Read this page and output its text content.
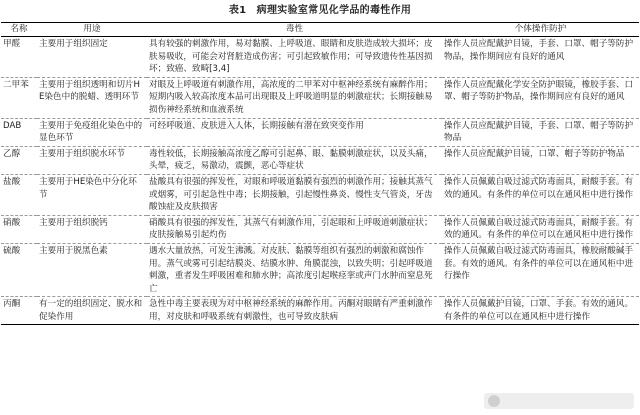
表1　病理实验室常见化学品的毒性作用
名称	用途	毒性	个体操作防护
甲醛	主要用于组织固定	具有较强的刺激作用，易对黏膜、上呼吸道、眼睛和皮肤造成较大损坏；皮肤易吸收，可能会对肾脏造成伤害；可引起致敏作用；可导致遗传性基因损坏；致癌、致畸[3,4]	操作人员应配戴护目镜，手套、口罩、帽子等防护物品，操作期间应有良好的通风
二甲苯	主要用于组织透明和切片HE染色中的脱蜡、透明环节	对眼及上呼吸道有刺激作用，高浓度的二甲苯对中枢神经系统有麻醉作用；短期内吸入较高浓度本品可出现眼及上呼吸道明显的刺激症状；长期接触易损伤神经系统和血液系统	操作人员应配戴化学安全防护眼镜，橡胶手套、口罩、帽子等防护物品，操作期间应有良好的通风
DAB	主要用于免疫组化染色中的显色环节	可经呼吸道、皮肤进入人体，长期接触有潜在致突变作用	操作人员应配戴护目镜，手套、口罩、帽子等防护物品
乙醇	主要用于组织脱水环节	毒性较低，长期接触高浓度乙醇可引起鼻、眼、黏膜刺激症状，以及头痛，头晕，疲乏，易激动，震颤，恶心等症状	操作人员应配戴护目镜，口罩、帽子等防护物品
盐酸	主要用于HE染色中分化环节	盐酸具有很强的挥发性，对眼和呼吸道黏膜有强烈的刺激作用；接触其蒸气或烟雾，可引起急性中毒；长期接触，引起慢性鼻炎、慢性支气管炎，牙齿酸蚀症及皮肤损害	操作人员佩戴自吸过滤式防毒面具，耐酸手套。有效的通风。有条件的单位可以在通风柜中进行操作
硝酸	主要用于组织脱钙	硝酸具有很强的挥发性，其蒸气有刺激作用，引起眼和上呼吸道刺激症状；皮肤接触易引起灼伤	操作人员佩戴自吸过滤式防毒面具，耐酸手套。有效的通风。有条件的单位可以在通风柜中进行操作
硫酸	主要用于脱黑色素	遇水大量放热，可发生沸溅。对皮肤、黏膜等组织有强烈的刺激和腐蚀作用。蒸气或雾可引起结膜炎、结膜水肿、角膜混浊，以致失明；引起呼吸道刺激，重者发生呼吸困难和肺水肿；高浓度引起喉痉挛或声门水肿而窒息死亡	操作人员佩戴自吸过滤式防毒面具，橡胶耐酸碱手套。有效的通风。有条件的单位可以在通风柜中进行操作
丙酮	有一定的组织固定、脱水和促染作用	急性中毒主要表现为对中枢神经系统的麻醉作用。丙酮对眼睛有严重刺激作用，对皮肤和呼吸系统有刺激性，也可导致皮肤病	操作人员佩戴护目镜，口罩、手套。有效的通风。有条件的单位可以在通风柜中进行操作
